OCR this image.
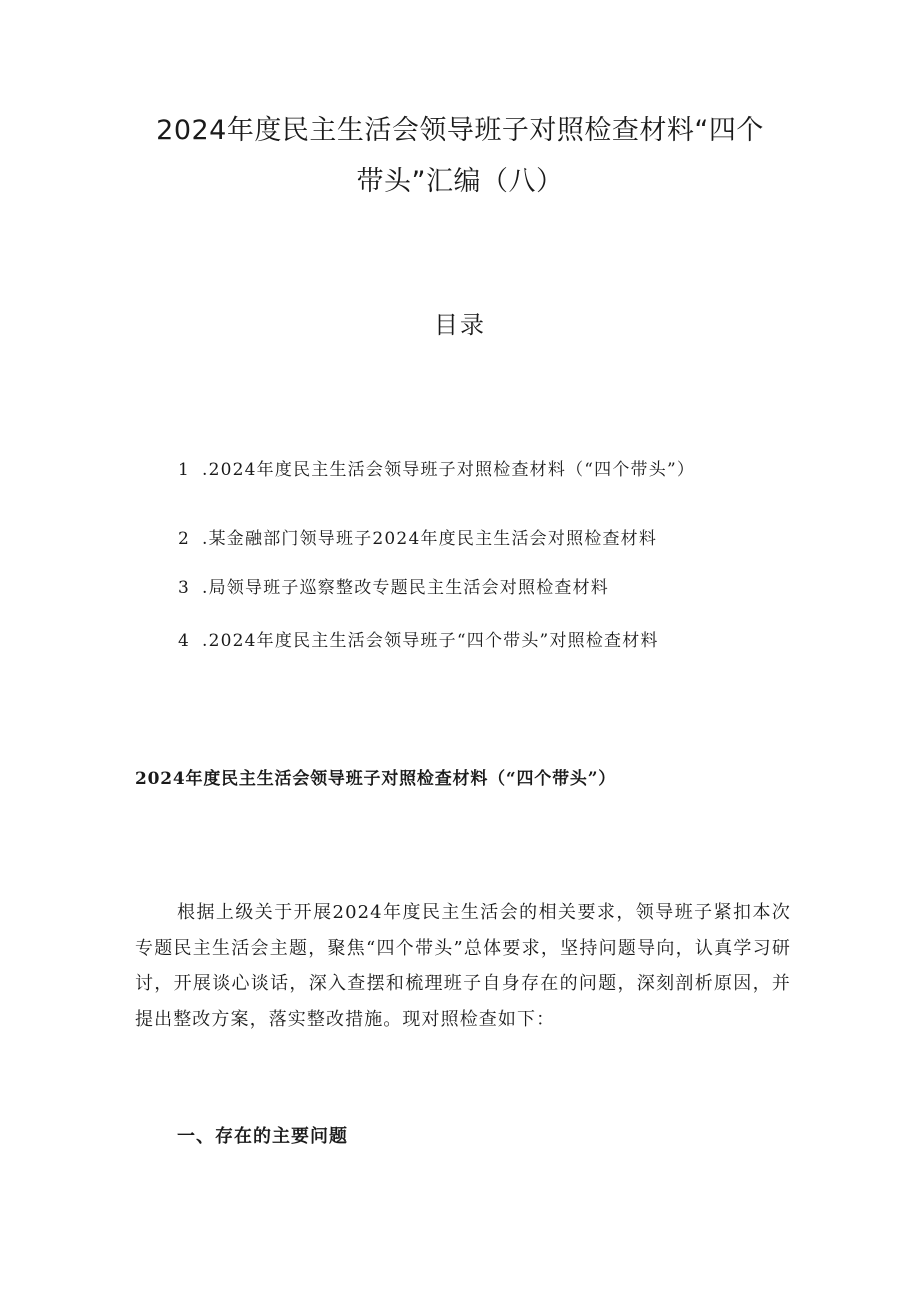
2024年度民主生活会领导班子对照检查材料“四个
带头”汇编（八）
目录
1 .2024年度民主生活会领导班子对照检查材料（“四个带头”）
2 .某金融部门领导班子2024年度民主生活会对照检查材料
3 .局领导班子巡察整改专题民主生活会对照检查材料
4 .2024年度民主生活会领导班子“四个带头”对照检查材料
2024年度民主生活会领导班子对照检查材料（“四个带头”）

根据上级关于开展2024年度民主生活会的相关要求，领导班子紧扣本次专题民主生活会主题，聚焦“四个带头”总体要求，坚持问题导向，认真学习研讨，开展谈心谈话，深入查摆和梳理班子自身存在的问题，深刻剖析原因，并提出整改方案，落实整改措施。现对照检查如下：

一、存在的主要问题
